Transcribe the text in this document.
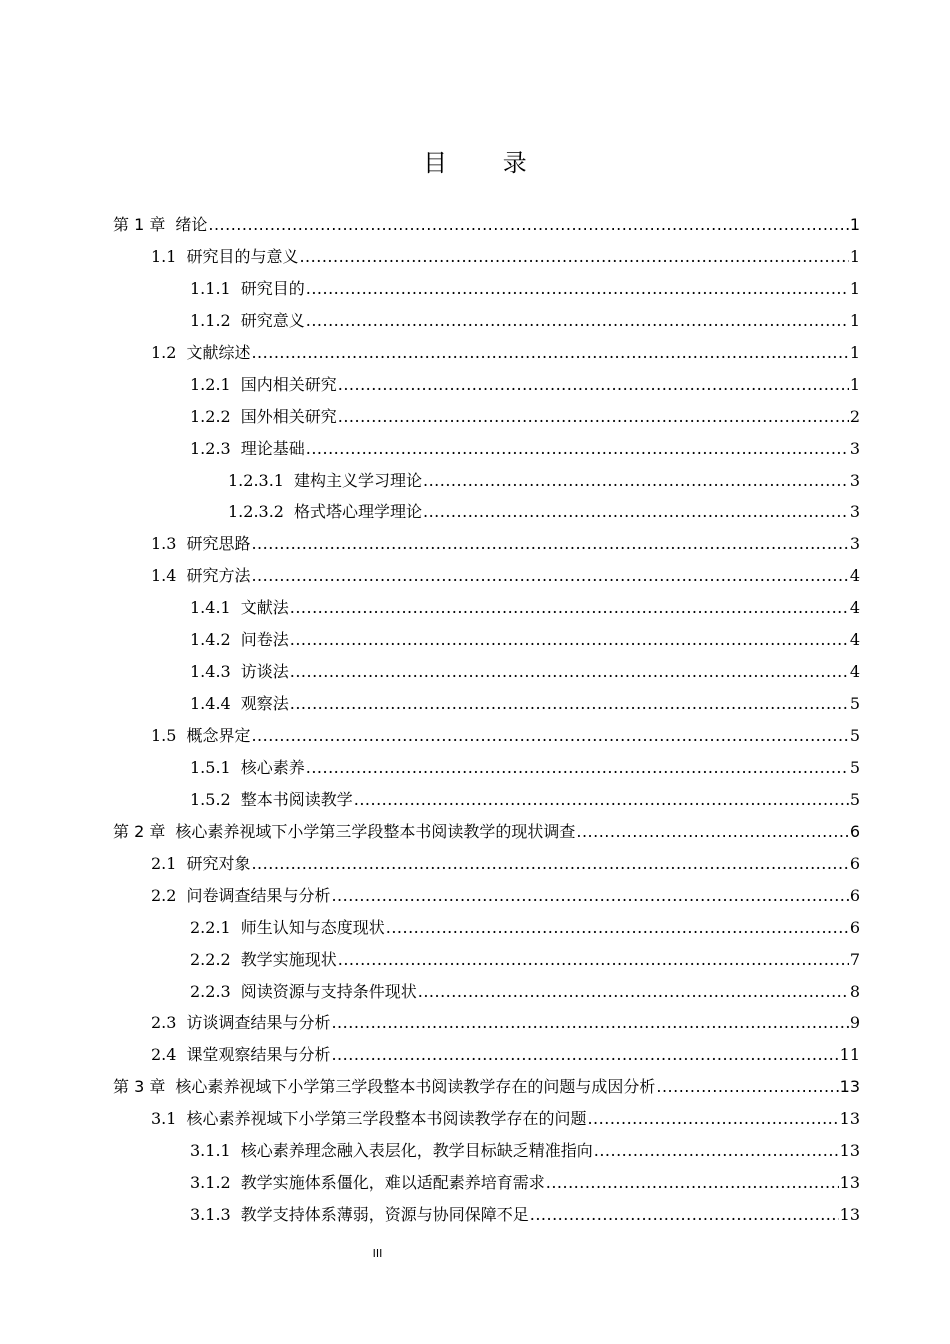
目 录
第 1 章 绪论 .....	1
1.1 研究目的与意义 .....	1
1.1.1 研究目的 .....	1
1.1.2 研究意义 .....	1
1.2 文献综述 .....	1
1.2.1 国内相关研究 .....	1
1.2.2 国外相关研究 .....	2
1.2.3 理论基础 .....	3
1.2.3.1 建构主义学习理论 .....	3
1.2.3.2 格式塔心理学理论 .....	3
1.3 研究思路 .....	3
1.4 研究方法 .....	4
1.4.1 文献法 .....	4
1.4.2 问卷法 .....	4
1.4.3 访谈法 .....	4
1.4.4 观察法 .....	5
1.5 概念界定 .....	5
1.5.1 核心素养 .....	5
1.5.2 整本书阅读教学 .....	5
第 2 章 核心素养视域下小学第三学段整本书阅读教学的现状调查 .....	6
2.1 研究对象 .....	6
2.2 问卷调查结果与分析 .....	6
2.2.1 师生认知与态度现状 .....	6
2.2.2 教学实施现状 .....	7
2.2.3 阅读资源与支持条件现状 .....	8
2.3 访谈调查结果与分析 .....	9
2.4 课堂观察结果与分析 .....	11
第 3 章 核心素养视域下小学第三学段整本书阅读教学存在的问题与成因分析 .....	13
3.1 核心素养视域下小学第三学段整本书阅读教学存在的问题 .....	13
3.1.1 核心素养理念融入表层化，教学目标缺乏精准指向 .....	13
3.1.2 教学实施体系僵化，难以适配素养培育需求 .....	13
3.1.3 教学支持体系薄弱，资源与协同保障不足 .....	13
III
